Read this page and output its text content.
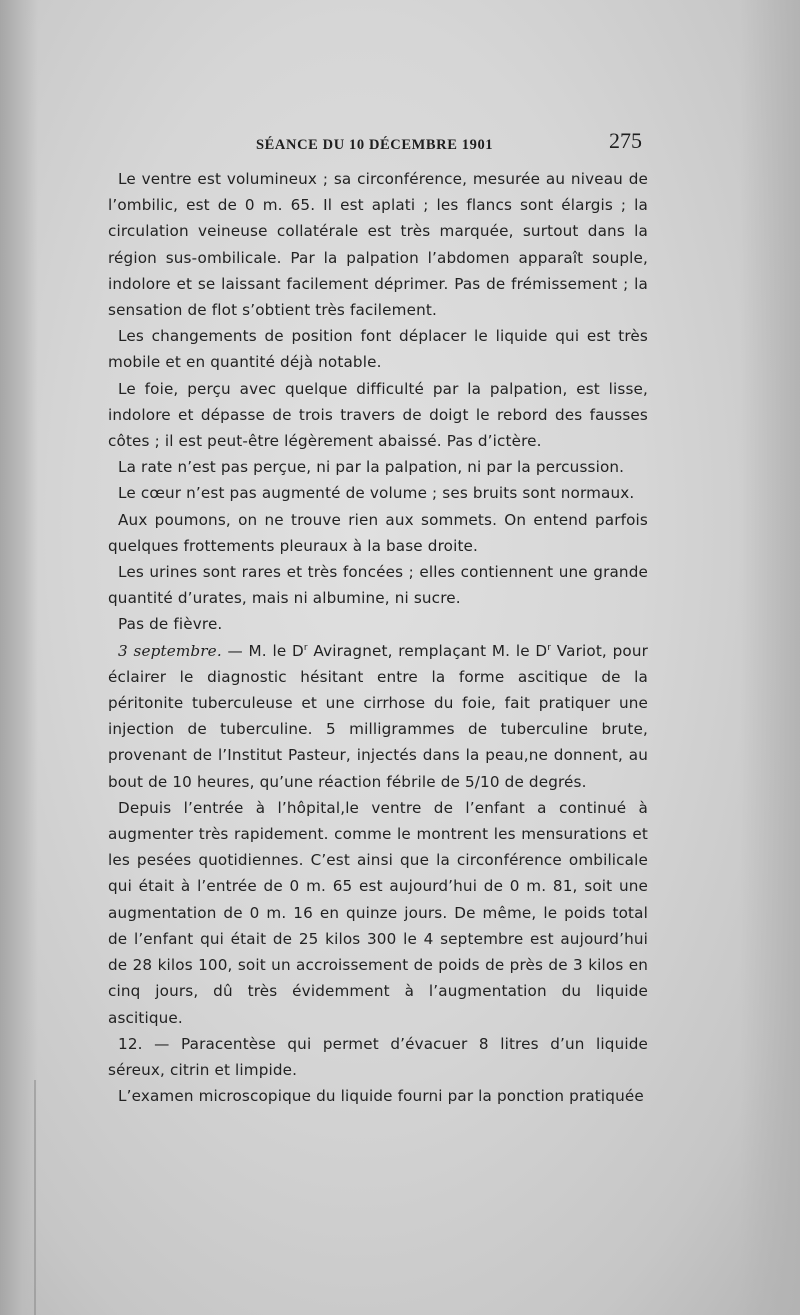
SÉANCE DU 10 DÉCEMBRE 1901	275

Le ventre est volumineux ; sa circonférence, mesurée au niveau de l’ombilic, est de 0 m. 65. Il est aplati ; les flancs sont élargis ; la circulation veineuse collatérale est très marquée, surtout dans la région sus-ombilicale. Par la palpation l’abdomen apparaît souple, indolore et se laissant facilement déprimer. Pas de frémissement ; la sensation de flot s’obtient très facilement.

Les changements de position font déplacer le liquide qui est très mobile et en quantité déjà notable.

Le foie, perçu avec quelque difficulté par la palpation, est lisse, indolore et dépasse de trois travers de doigt le rebord des fausses côtes ; il est peut-être légèrement abaissé. Pas d’ictère.

La rate n’est pas perçue, ni par la palpation, ni par la percussion.

Le cœur n’est pas augmenté de volume ; ses bruits sont normaux.

Aux poumons, on ne trouve rien aux sommets. On entend parfois quelques frottements pleuraux à la base droite.

Les urines sont rares et très foncées ; elles contiennent une grande quantité d’urates, mais ni albumine, ni sucre.

Pas de fièvre.

3 septembre. — M. le $D^r$ Aviragnet, remplaçant M. le $D^r$ Variot, pour éclairer le diagnostic hésitant entre la forme ascitique de la péritonite tuberculeuse et une cirrhose du foie, fait pratiquer une injection de tuberculine. 5 milligrammes de tuberculine brute, provenant de l’Institut Pasteur, injectés dans la peau,ne donnent, au bout de 10 heures, qu’une réaction fébrile de 5/10 de degrés.

Depuis l’entrée à l’hôpital,le ventre de l’enfant a continué à augmenter très rapidement. comme le montrent les mensurations et les pesées quotidiennes. C’est ainsi que la circonférence ombilicale qui était à l’entrée de 0 m. 65 est aujourd’hui de 0 m. 81, soit une augmentation de 0 m. 16 en quinze jours. De même, le poids total de l’enfant qui était de 25 kilos 300 le 4 septembre est aujourd’hui de 28 kilos 100, soit un accroissement de poids de près de 3 kilos en cinq jours, dû très évidemment à l’augmentation du liquide ascitique.

12. — Paracentèse qui permet d’évacuer 8 litres d’un liquide séreux, citrin et limpide.

L’examen microscopique du liquide fourni par la ponction pratiquée
